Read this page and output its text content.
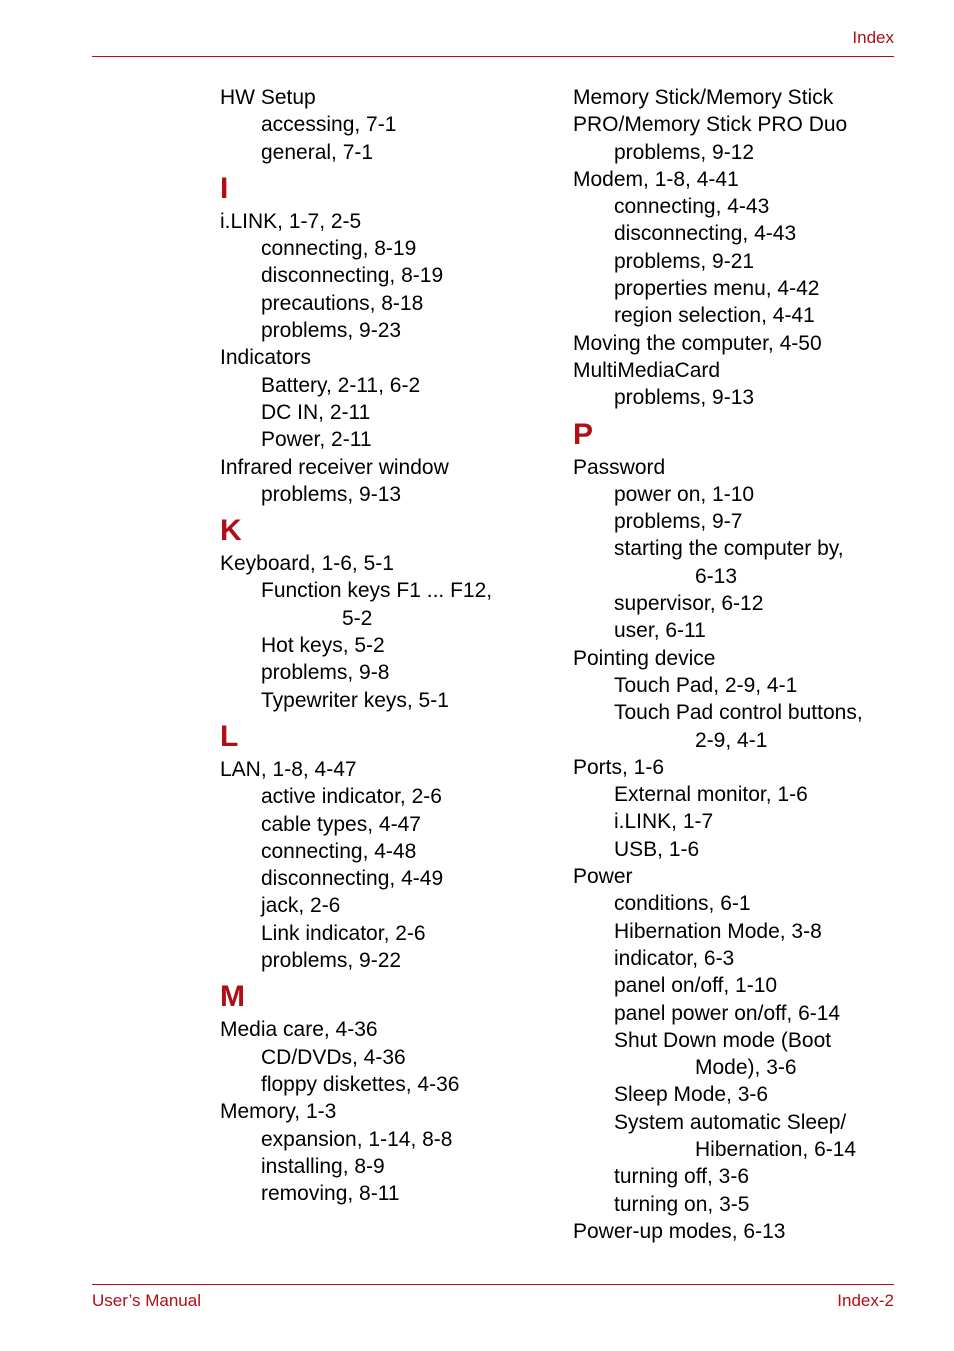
Index
HW Setup
accessing, 7-1
general, 7-1
I
i.LINK, 1-7, 2-5
connecting, 8-19
disconnecting, 8-19
precautions, 8-18
problems, 9-23
Indicators
Battery, 2-11, 6-2
DC IN, 2-11
Power, 2-11
Infrared receiver window
problems, 9-13
K
Keyboard, 1-6, 5-1
Function keys F1 ... F12,
5-2
Hot keys, 5-2
problems, 9-8
Typewriter keys, 5-1
L
LAN, 1-8, 4-47
active indicator, 2-6
cable types, 4-47
connecting, 4-48
disconnecting, 4-49
jack, 2-6
Link indicator, 2-6
problems, 9-22
M
Media care, 4-36
CD/DVDs, 4-36
floppy diskettes, 4-36
Memory, 1-3
expansion, 1-14, 8-8
installing, 8-9
removing, 8-11
Memory Stick/Memory Stick
PRO/Memory Stick PRO Duo
problems, 9-12
Modem, 1-8, 4-41
connecting, 4-43
disconnecting, 4-43
problems, 9-21
properties menu, 4-42
region selection, 4-41
Moving the computer, 4-50
MultiMediaCard
problems, 9-13
P
Password
power on, 1-10
problems, 9-7
starting the computer by,
6-13
supervisor, 6-12
user, 6-11
Pointing device
Touch Pad, 2-9, 4-1
Touch Pad control buttons,
2-9, 4-1
Ports, 1-6
External monitor, 1-6
i.LINK, 1-7
USB, 1-6
Power
conditions, 6-1
Hibernation Mode, 3-8
indicator, 6-3
panel on/off, 1-10
panel power on/off, 6-14
Shut Down mode (Boot
Mode), 3-6
Sleep Mode, 3-6
System automatic Sleep/
Hibernation, 6-14
turning off, 3-6
turning on, 3-5
Power-up modes, 6-13
User’s Manual	Index-2
